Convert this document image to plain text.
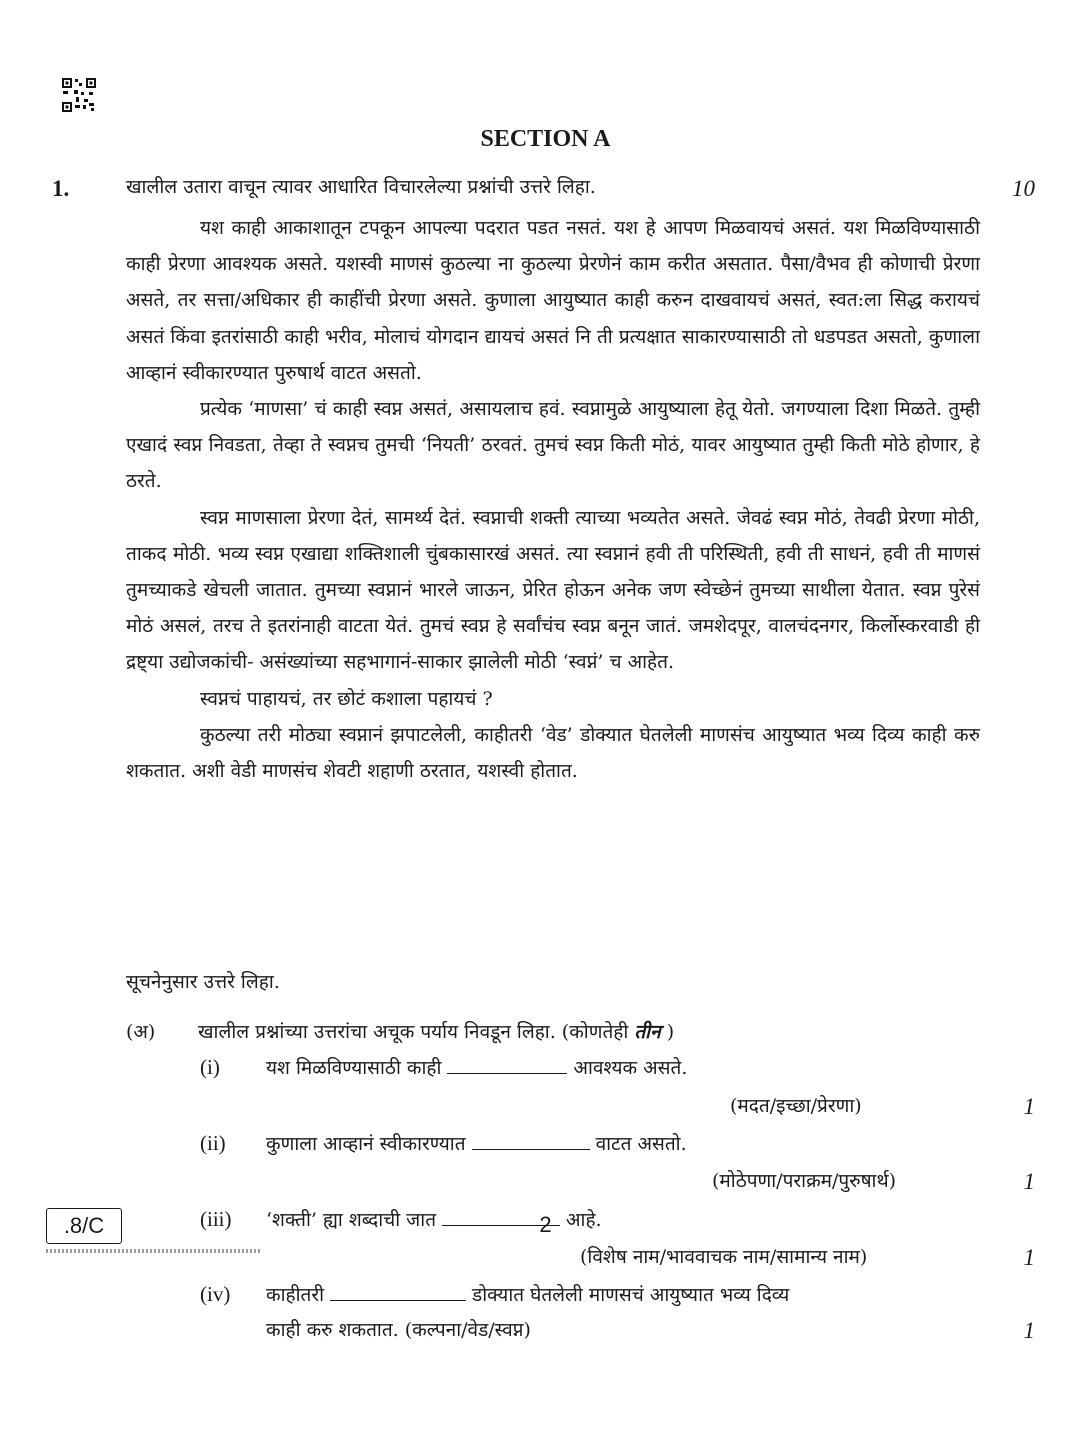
SECTION A
1.	खालील उतारा वाचून त्यावर आधारित विचारलेल्या प्रश्नांची उत्तरे लिहा.	10

यश काही आकाशातून टपकून आपल्या पदरात पडत नसतं. यश हे आपण मिळवायचं असतं. यश मिळविण्यासाठी काही प्रेरणा आवश्यक असते. यशस्वी माणसं कुठल्या ना कुठल्या प्रेरणेनं काम करीत असतात. पैसा/वैभव ही कोणाची प्रेरणा असते, तर सत्ता/अधिकार ही काहींची प्रेरणा असते. कुणाला आयुष्यात काही करुन दाखवायचं असतं, स्वत:ला सिद्ध करायचं असतं किंवा इतरांसाठी काही भरीव, मोलाचं योगदान द्यायचं असतं नि ती प्रत्यक्षात साकारण्यासाठी तो धडपडत असतो, कुणाला आव्हानं स्वीकारण्यात पुरुषार्थ वाटत असतो.

प्रत्येक ‘माणसा’ चं काही स्वप्न असतं, असायलाच हवं. स्वप्नामुळे आयुष्याला हेतू येतो. जगण्याला दिशा मिळते. तुम्ही एखादं स्वप्न निवडता, तेव्हा ते स्वप्नच तुमची ‘नियती’ ठरवतं. तुमचं स्वप्न किती मोठं, यावर आयुष्यात तुम्ही किती मोठे होणार, हे ठरते.

स्वप्न माणसाला प्रेरणा देतं, सामर्थ्य देतं. स्वप्नाची शक्ती त्याच्या भव्यतेत असते. जेवढं स्वप्न मोठं, तेवढी प्रेरणा मोठी, ताकद मोठी. भव्य स्वप्न एखाद्या शक्तिशाली चुंबकासारखं असतं. त्या स्वप्नानं हवी ती परिस्थिती, हवी ती साधनं, हवी ती माणसं तुमच्याकडे खेचली जातात. तुमच्या स्वप्नानं भारले जाऊन, प्रेरित होऊन अनेक जण स्वेच्छेनं तुमच्या साथीला येतात. स्वप्न पुरेसं मोठं असलं, तरच ते इतरांनाही वाटता येतं. तुमचं स्वप्न हे सर्वांचंच स्वप्न बनून जातं. जमशेदपूर, वालचंदनगर, किर्लोस्करवाडी ही द्रष्ट्या उद्योजकांची- असंख्यांच्या सहभागानं-साकार झालेली मोठी ‘स्वप्नं’ च आहेत.

स्वप्नचं पाहायचं, तर छोटं कशाला पहायचं ?

कुठल्या तरी मोठ्या स्वप्नानं झपाटलेली, काहीतरी ‘वेड’ डोक्यात घेतलेली माणसंच आयुष्यात भव्य दिव्य काही करु शकतात. अशी वेडी माणसंच शेवटी शहाणी ठरतात, यशस्वी होतात.

सूचनेनुसार उत्तरे लिहा.
(अ) खालील प्रश्नांच्या उत्तरांचा अचूक पर्याय निवडून लिहा. (कोणतेही तीन )
(i) यश मिळविण्यासाठी काही	आवश्यक असते.
(मदत/इच्छा/प्रेरणा)	1
(ii) कुणाला आव्हानं स्वीकारण्यात	वाटत असतो.
(मोठेपणा/पराक्रम/पुरुषार्थ)	1
(iii) ‘शक्ती’ ह्या शब्दाची जात	आहे.
(विशेष नाम/भाववाचक नाम/सामान्य नाम)	1
(iv) काहीतरी	डोक्यात घेतलेली माणसचं आयुष्यात भव्य दिव्य
काही करु शकतात. (कल्पना/वेड/स्वप्न)	1
.8/C	2
